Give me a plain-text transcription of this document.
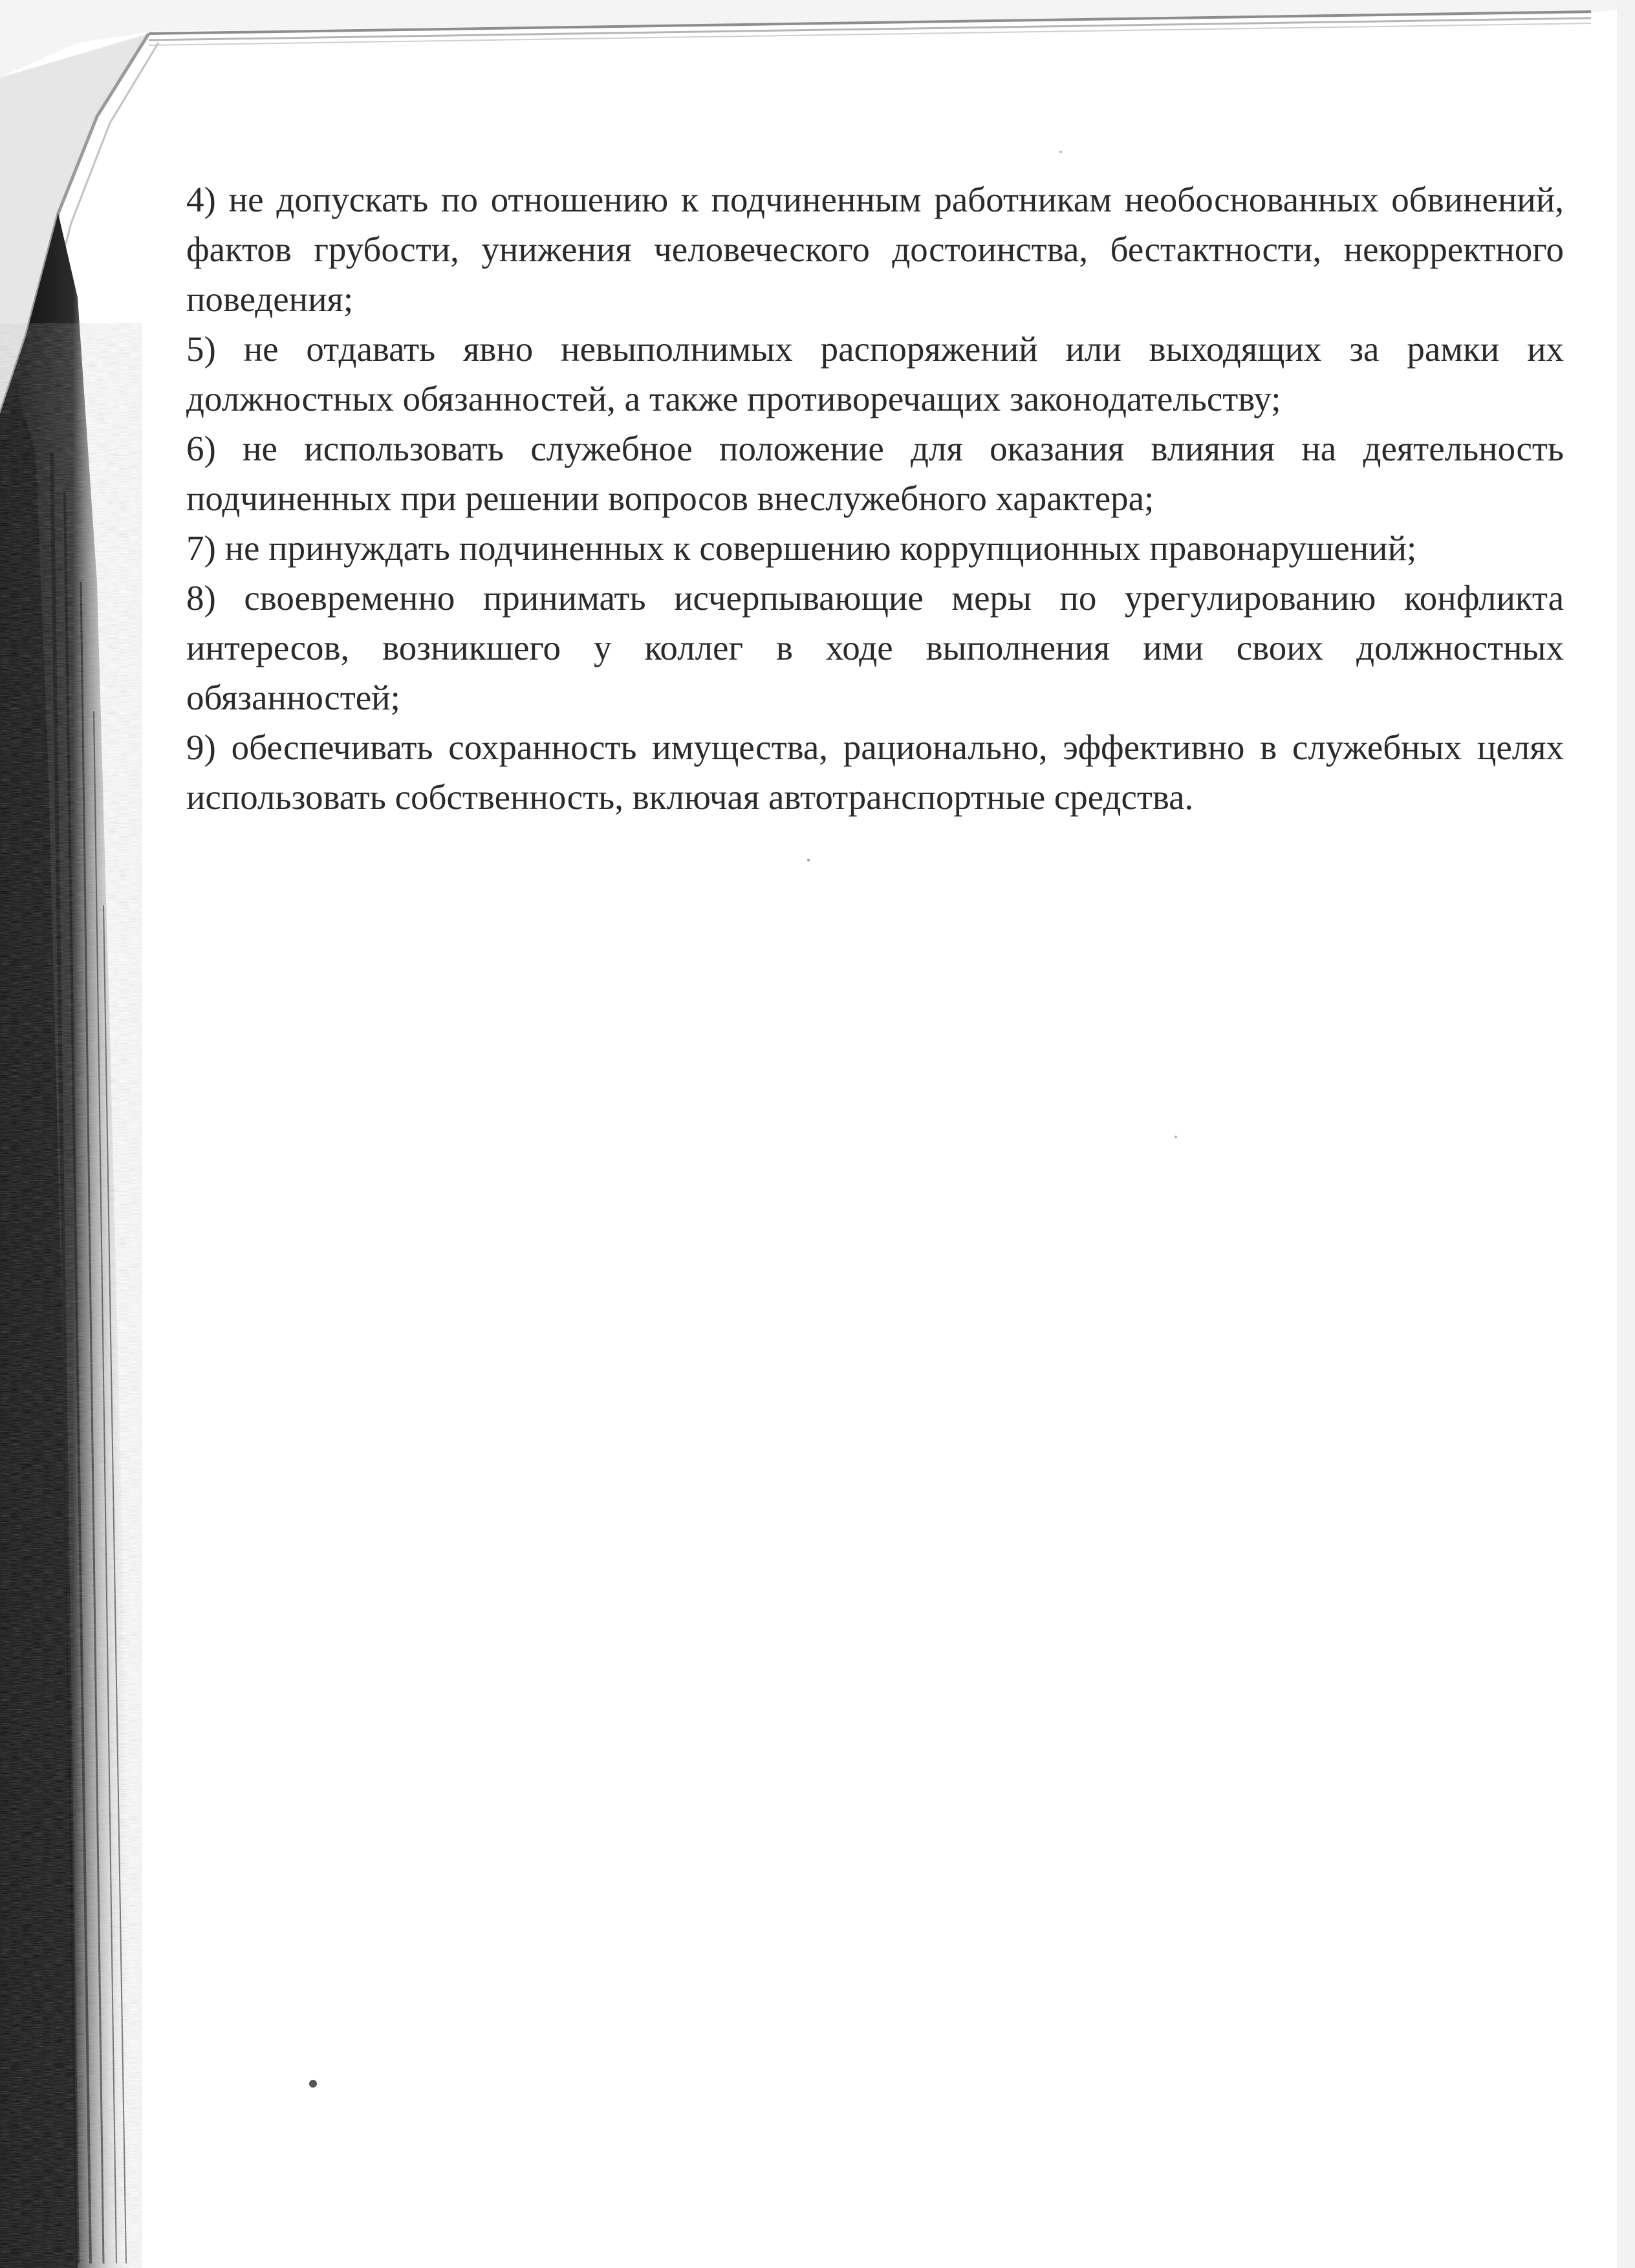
4) не допускать по отношению к подчиненным работникам необоснованных обвинений, фактов грубости, унижения человеческого достоинства, бестактности, некорректного поведения;

5) не отдавать явно невыполнимых распоряжений или выходящих за рамки их должностных обязанностей, а также противоречащих законодательству;

6) не использовать служебное положение для оказания влияния на деятельность подчиненных при решении вопросов внеслужебного характера;

7) не принуждать подчиненных к совершению коррупционных правонарушений;

8) своевременно принимать исчерпывающие меры по урегулированию конфликта интересов, возникшего у коллег в ходе выполнения ими своих должностных обязанностей;

9) обеспечивать сохранность имущества, рационально, эффективно в служебных целях использовать собственность, включая автотранспортные средства.
